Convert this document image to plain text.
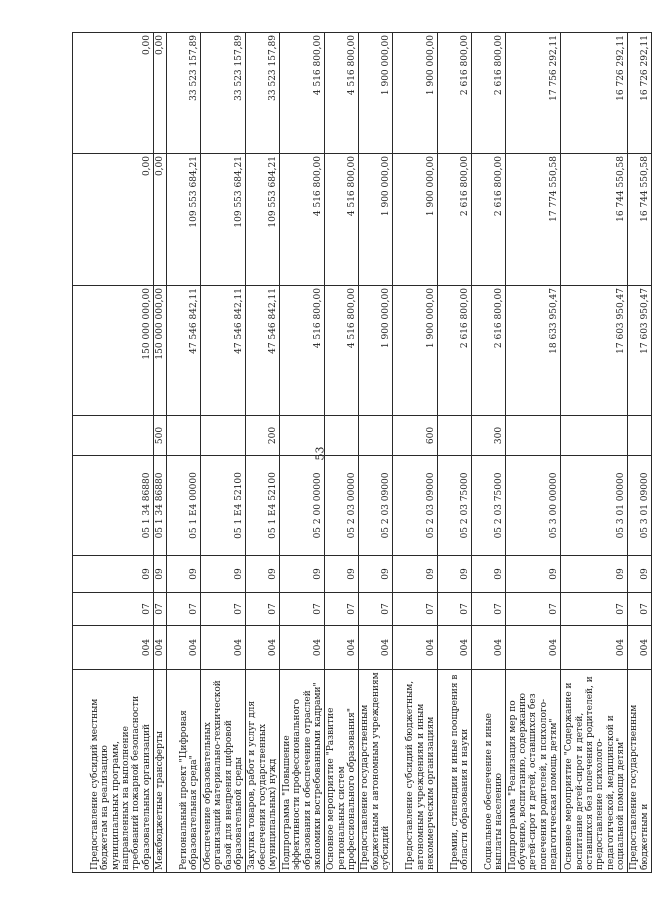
53
Предоставление субсидий местным бюджетам на реализацию муниципальных программ, направленных на выполнение требований пожарной безопасности образовательных организаций	004	07	09	05 1 34 86880		150 000 000,00	0,00	0,00
Межбюджетные трансферты	004	07	09	05 1 34 86880	500	150 000 000,00	0,00	0,00
Региональный проект "Цифровая образовательная среда"	004	07	09	05 1 E4 00000		47 546 842,11	109 553 684,21	33 523 157,89
Обеспечение образовательных организаций материально-технической базой для внедрения цифровой образовательной среды	004	07	09	05 1 E4 52100		47 546 842,11	109 553 684,21	33 523 157,89
Закупка товаров, работ и услуг для обеспечения государственных (муниципальных) нужд	004	07	09	05 1 E4 52100	200	47 546 842,11	109 553 684,21	33 523 157,89
Подпрограмма "Повышение эффективности профессионального образования и обеспечение отраслей экономики востребованными кадрами"	004	07	09	05 2 00 00000		4 516 800,00	4 516 800,00	4 516 800,00
Основное мероприятие "Развитие региональных систем профессионального образования"	004	07	09	05 2 03 00000		4 516 800,00	4 516 800,00	4 516 800,00
Предоставление государственным бюджетным и автономным учреждениям субсидий	004	07	09	05 2 03 09000		1 900 000,00	1 900 000,00	1 900 000,00
Предоставление субсидий бюджетным, автономным учреждениям и иным некоммерческим организациям	004	07	09	05 2 03 09000	600	1 900 000,00	1 900 000,00	1 900 000,00
Премии, стипендии и иные поощрения в области образования и науки	004	07	09	05 2 03 75000		2 616 800,00	2 616 800,00	2 616 800,00
Социальное обеспечение и иные выплаты населению	004	07	09	05 2 03 75000	300	2 616 800,00	2 616 800,00	2 616 800,00
Подпрограмма "Реализация мер по обучению, воспитанию, содержанию детей-сирот и детей, оставшихся без попечения родителей, и психолого-педагогическая помощь детям"	004	07	09	05 3 00 00000		18 633 950,47	17 774 550,58	17 756 292,11
Основное мероприятие "Содержание и воспитание детей-сирот и детей, оставшихся без попечения родителей, и предоставление психолого-педагогической, медицинской и социальной помощи детям"	004	07	09	05 3 01 00000		17 603 950,47	16 744 550,58	16 726 292,11
Предоставление государственным бюджетным и	004	07	09	05 3 01 09000		17 603 950,47	16 744 550,58	16 726 292,11
